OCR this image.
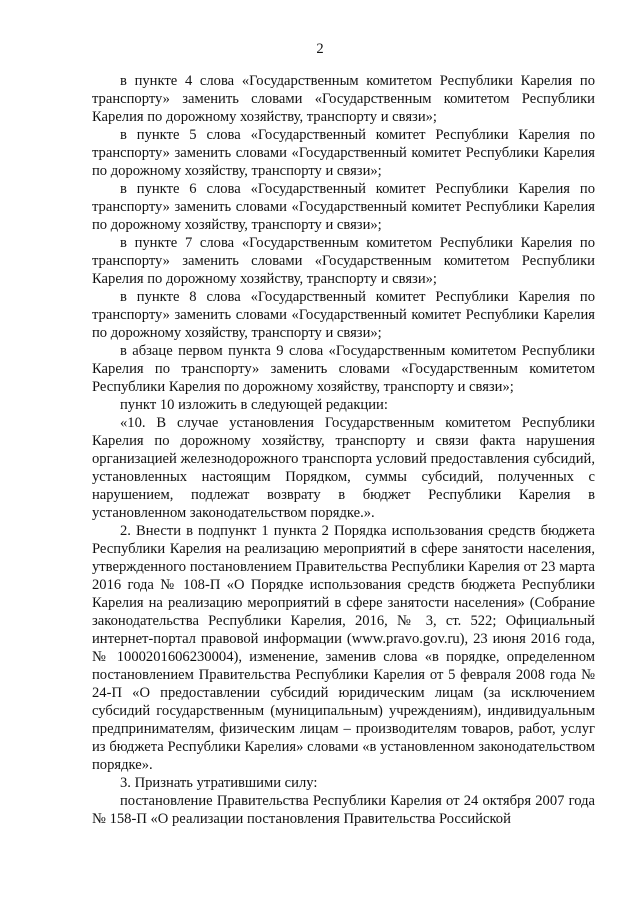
2

в пункте 4 слова «Государственным комитетом Республики Карелия по транспорту» заменить словами «Государственным комитетом Республики Карелия по дорожному хозяйству, транспорту и связи»;

в пункте 5 слова «Государственный комитет Республики Карелия по транспорту» заменить словами «Государственный комитет Республики Карелия по дорожному хозяйству, транспорту и связи»;

в пункте 6 слова «Государственный комитет Республики Карелия по транспорту» заменить словами «Государственный комитет Республики Карелия по дорожному хозяйству, транспорту и связи»;

в пункте 7 слова «Государственным комитетом Республики Карелия по транспорту» заменить словами «Государственным комитетом Республики Карелия по дорожному хозяйству, транспорту и связи»;

в пункте 8 слова «Государственный комитет Республики Карелия по транспорту» заменить словами «Государственный комитет Республики Карелия по дорожному хозяйству, транспорту и связи»;

в абзаце первом пункта 9 слова «Государственным комитетом Республики Карелия по транспорту» заменить словами «Государственным комитетом Республики Карелия по дорожному хозяйству, транспорту и связи»;

пункт 10 изложить в следующей редакции:

«10. В случае установления Государственным комитетом Республики Карелия по дорожному хозяйству, транспорту и связи факта нарушения организацией железнодорожного транспорта условий предоставления субсидий, установленных настоящим Порядком, суммы субсидий, полученных с нарушением, подлежат возврату в бюджет Республики Карелия в установленном законодательством порядке.».

2. Внести в подпункт 1 пункта 2 Порядка использования средств бюджета Республики Карелия на реализацию мероприятий в сфере занятости населения, утвержденного постановлением Правительства Республики Карелия от 23 марта 2016 года № 108-П «О Порядке использования средств бюджета Республики Карелия на реализацию мероприятий в сфере занятости населения» (Собрание законодательства Республики Карелия, 2016, № 3, ст. 522; Официальный интернет-портал правовой информации (www.pravo.gov.ru), 23 июня 2016 года, № 1000201606230004), изменение, заменив слова «в порядке, определенном постановлением Правительства Республики Карелия от 5 февраля 2008 года № 24-П «О предоставлении субсидий юридическим лицам (за исключением субсидий государственным (муниципальным) учреждениям), индивидуальным предпринимателям, физическим лицам – производителям товаров, работ, услуг из бюджета Республики Карелия» словами «в установленном законодательством порядке».

3. Признать утратившими силу:

постановление Правительства Республики Карелия от 24 октября 2007 года № 158-П «О реализации постановления Правительства Российской
